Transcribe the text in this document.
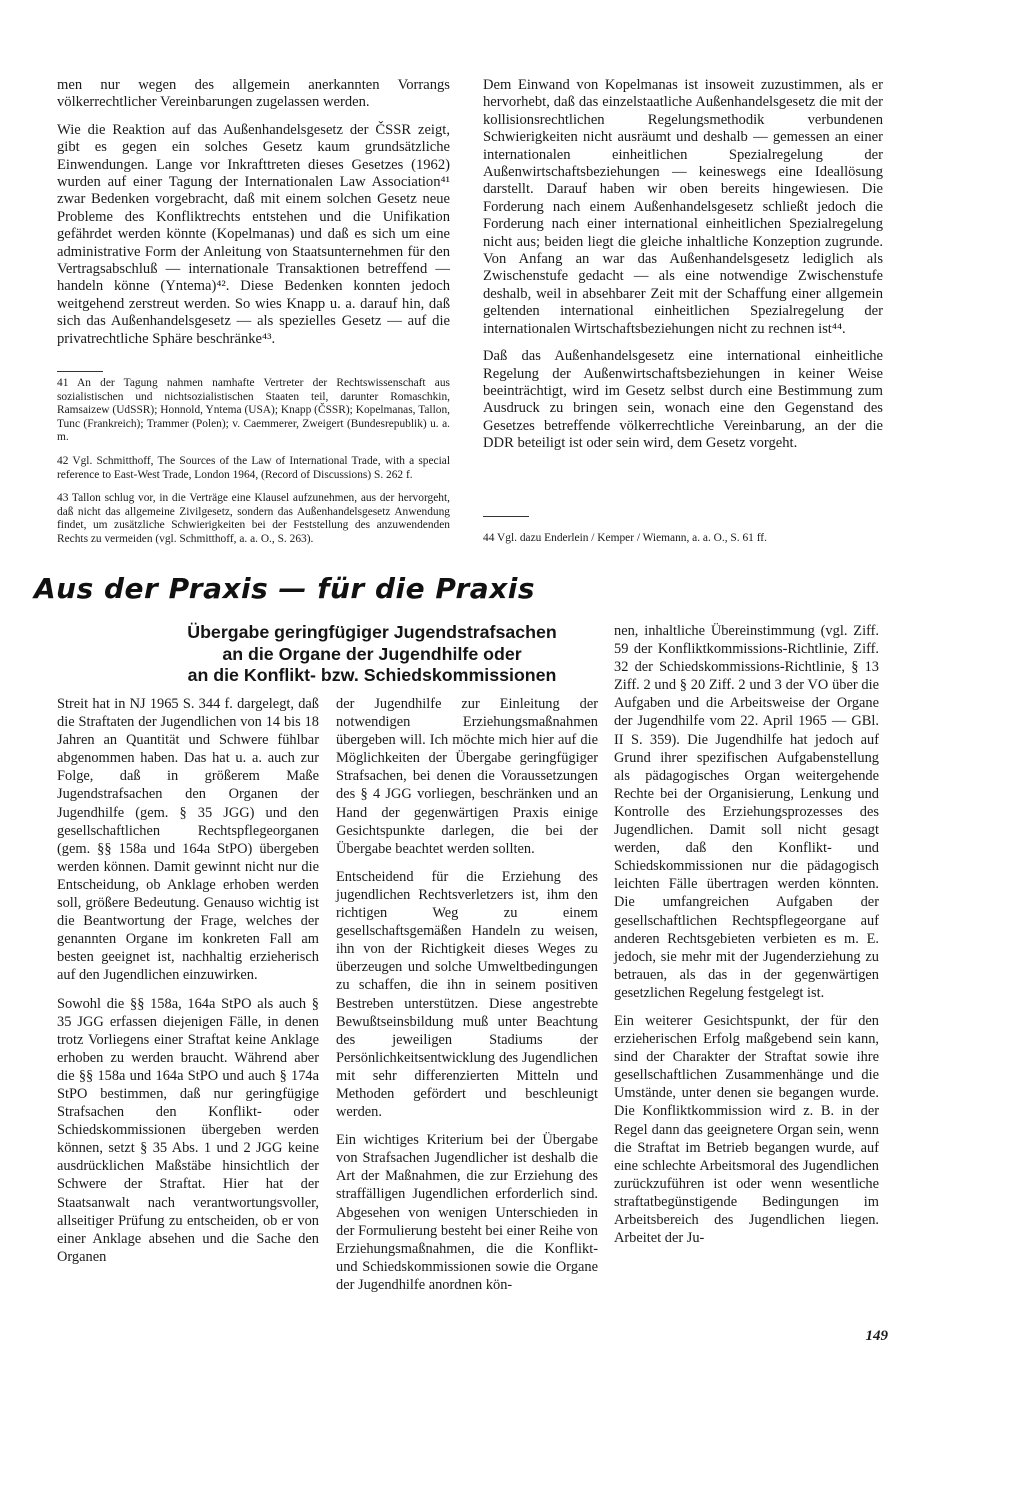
men nur wegen des allgemein anerkannten Vorrangs völkerrechtlicher Vereinbarungen zugelassen werden.

Wie die Reaktion auf das Außenhandelsgesetz der ČSSR zeigt, gibt es gegen ein solches Gesetz kaum grundsätzliche Einwendungen. Lange vor Inkrafttreten dieses Gesetzes (1962) wurden auf einer Tagung der Internationalen Law Association⁴¹ zwar Bedenken vorgebracht, daß mit einem solchen Gesetz neue Probleme des Konfliktrechts entstehen und die Unifikation gefährdet werden könnte (Kopelmanas) und daß es sich um eine administrative Form der Anleitung von Staatsunternehmen für den Vertragsabschluß — internationale Transaktionen betreffend — handeln könne (Yntema)⁴². Diese Bedenken konnten jedoch weitgehend zerstreut werden. So wies Knapp u. a. darauf hin, daß sich das Außenhandelsgesetz — als spezielles Gesetz — auf die privatrechtliche Sphäre beschränke⁴³.

41 An der Tagung nahmen namhafte Vertreter der Rechtswissenschaft aus sozialistischen und nichtsozialistischen Staaten teil, darunter Romaschkin, Ramsaizew (UdSSR); Honnold, Yntema (USA); Knapp (ČSSR); Kopelmanas, Tallon, Tunc (Frankreich); Trammer (Polen); v. Caemmerer, Zweigert (Bundesrepublik) u. a. m.

42 Vgl. Schmitthoff, The Sources of the Law of International Trade, with a special reference to East-West Trade, London 1964, (Record of Discussions) S. 262 f.

43 Tallon schlug vor, in die Verträge eine Klausel aufzunehmen, aus der hervorgeht, daß nicht das allgemeine Zivilgesetz, sondern das Außenhandelsgesetz Anwendung findet, um zusätzliche Schwierigkeiten bei der Feststellung des anzuwendenden Rechts zu vermeiden (vgl. Schmitthoff, a. a. O., S. 263).

Dem Einwand von Kopelmanas ist insoweit zuzustimmen, als er hervorhebt, daß das einzelstaatliche Außenhandelsgesetz die mit der kollisionsrechtlichen Regelungsmethodik verbundenen Schwierigkeiten nicht ausräumt und deshalb — gemessen an einer internationalen einheitlichen Spezialregelung der Außenwirtschaftsbeziehungen — keineswegs eine Ideallösung darstellt. Darauf haben wir oben bereits hingewiesen. Die Forderung nach einem Außenhandelsgesetz schließt jedoch die Forderung nach einer international einheitlichen Spezialregelung nicht aus; beiden liegt die gleiche inhaltliche Konzeption zugrunde. Von Anfang an war das Außenhandelsgesetz lediglich als Zwischenstufe gedacht — als eine notwendige Zwischenstufe deshalb, weil in absehbarer Zeit mit der Schaffung einer allgemein geltenden international einheitlichen Spezialregelung der internationalen Wirtschaftsbeziehungen nicht zu rechnen ist⁴⁴.

Daß das Außenhandelsgesetz eine international einheitliche Regelung der Außenwirtschaftsbeziehungen in keiner Weise beeinträchtigt, wird im Gesetz selbst durch eine Bestimmung zum Ausdruck zu bringen sein, wonach eine den Gegenstand des Gesetzes betreffende völkerrechtliche Vereinbarung, an der die DDR beteiligt ist oder sein wird, dem Gesetz vorgeht.

44 Vgl. dazu Enderlein / Kemper / Wiemann, a. a. O., S. 61 ff.

Aus der Praxis — für die Praxis
Übergabe geringfügiger Jugendstrafsachen
an die Organe der Jugendhilfe oder
an die Konflikt- bzw. Schiedskommissionen

Streit hat in NJ 1965 S. 344 f. dargelegt, daß die Straftaten der Jugendlichen von 14 bis 18 Jahren an Quantität und Schwere fühlbar abgenommen haben. Das hat u. a. auch zur Folge, daß in größerem Maße Jugendstrafsachen den Organen der Jugendhilfe (gem. § 35 JGG) und den gesellschaftlichen Rechtspflegeorganen (gem. §§ 158a und 164a StPO) übergeben werden können. Damit gewinnt nicht nur die Entscheidung, ob Anklage erhoben werden soll, größere Bedeutung. Genauso wichtig ist die Beantwortung der Frage, welches der genannten Organe im konkreten Fall am besten geeignet ist, nachhaltig erzieherisch auf den Jugendlichen einzuwirken.

Sowohl die §§ 158a, 164a StPO als auch § 35 JGG erfassen diejenigen Fälle, in denen trotz Vorliegens einer Straftat keine Anklage erhoben zu werden braucht. Während aber die §§ 158a und 164a StPO und auch § 174a StPO bestimmen, daß nur geringfügige Strafsachen den Konflikt- oder Schiedskommissionen übergeben werden können, setzt § 35 Abs. 1 und 2 JGG keine ausdrücklichen Maßstäbe hinsichtlich der Schwere der Straftat. Hier hat der Staatsanwalt nach verantwortungsvoller, allseitiger Prüfung zu entscheiden, ob er von einer Anklage absehen und die Sache den Organen

der Jugendhilfe zur Einleitung der notwendigen Erziehungsmaßnahmen übergeben will. Ich möchte mich hier auf die Möglichkeiten der Übergabe geringfügiger Strafsachen, bei denen die Voraussetzungen des § 4 JGG vorliegen, beschränken und an Hand der gegenwärtigen Praxis einige Gesichtspunkte darlegen, die bei der Übergabe beachtet werden sollten.

Entscheidend für die Erziehung des jugendlichen Rechtsverletzers ist, ihm den richtigen Weg zu einem gesellschaftsgemäßen Handeln zu weisen, ihn von der Richtigkeit dieses Weges zu überzeugen und solche Umweltbedingungen zu schaffen, die ihn in seinem positiven Bestreben unterstützen. Diese angestrebte Bewußtseinsbildung muß unter Beachtung des jeweiligen Stadiums der Persönlichkeitsentwicklung des Jugendlichen mit sehr differenzierten Mitteln und Methoden gefördert und beschleunigt werden.

Ein wichtiges Kriterium bei der Übergabe von Strafsachen Jugendlicher ist deshalb die Art der Maßnahmen, die zur Erziehung des straffälligen Jugendlichen erforderlich sind. Abgesehen von wenigen Unterschieden in der Formulierung besteht bei einer Reihe von Erziehungsmaßnahmen, die die Konflikt- und Schiedskommissionen sowie die Organe der Jugendhilfe anordnen kön-

nen, inhaltliche Übereinstimmung (vgl. Ziff. 59 der Konfliktkommissions-Richtlinie, Ziff. 32 der Schiedskommissions-Richtlinie, § 13 Ziff. 2 und § 20 Ziff. 2 und 3 der VO über die Aufgaben und die Arbeitsweise der Organe der Jugendhilfe vom 22. April 1965 — GBl. II S. 359). Die Jugendhilfe hat jedoch auf Grund ihrer spezifischen Aufgabenstellung als pädagogisches Organ weitergehende Rechte bei der Organisierung, Lenkung und Kontrolle des Erziehungsprozesses des Jugendlichen. Damit soll nicht gesagt werden, daß den Konflikt- und Schiedskommissionen nur die pädagogisch leichten Fälle übertragen werden könnten. Die umfangreichen Aufgaben der gesellschaftlichen Rechtspflegeorgane auf anderen Rechtsgebieten verbieten es m. E. jedoch, sie mehr mit der Jugenderziehung zu betrauen, als das in der gegenwärtigen gesetzlichen Regelung festgelegt ist.

Ein weiterer Gesichtspunkt, der für den erzieherischen Erfolg maßgebend sein kann, sind der Charakter der Straftat sowie ihre gesellschaftlichen Zusammenhänge und die Umstände, unter denen sie begangen wurde. Die Konfliktkommission wird z. B. in der Regel dann das geeignetere Organ sein, wenn die Straftat im Betrieb begangen wurde, auf eine schlechte Arbeitsmoral des Jugendlichen zurückzuführen ist oder wenn wesentliche straftatbegünstigende Bedingungen im Arbeitsbereich des Jugendlichen liegen. Arbeitet der Ju-

149
